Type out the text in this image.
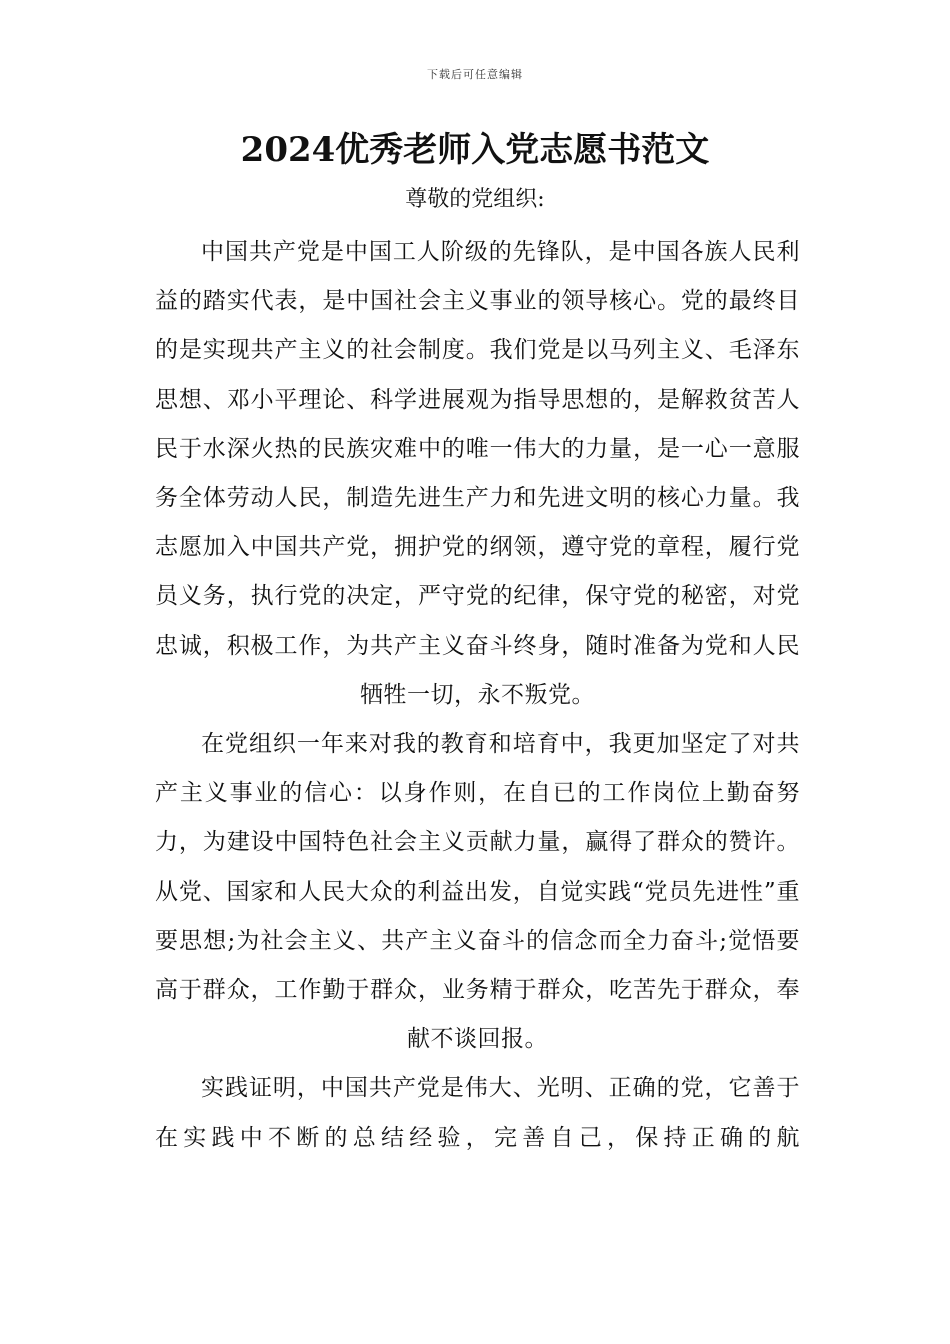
下载后可任意编辑
2024优秀老师入党志愿书范文
尊敬的党组织:

中国共产党是中国工人阶级的先锋队，是中国各族人民利益的踏实代表，是中国社会主义事业的领导核心。党的最终目的是实现共产主义的社会制度。我们党是以马列主义、毛泽东思想、邓小平理论、科学进展观为指导思想的，是解救贫苦人民于水深火热的民族灾难中的唯一伟大的力量，是一心一意服务全体劳动人民，制造先进生产力和先进文明的核心力量。我志愿加入中国共产党，拥护党的纲领，遵守党的章程，履行党员义务，执行党的决定，严守党的纪律，保守党的秘密，对党忠诚，积极工作，为共产主义奋斗终身，随时准备为党和人民牺牲一切，永不叛党。

在党组织一年来对我的教育和培育中，我更加坚定了对共产主义事业的信心：以身作则，在自已的工作岗位上勤奋努力，为建设中国特色社会主义贡献力量，赢得了群众的赞许。从党、国家和人民大众的利益出发，自觉实践“党员先进性”重要思想;为社会主义、共产主义奋斗的信念而全力奋斗;觉悟要高于群众，工作勤于群众，业务精于群众，吃苦先于群众，奉献不谈回报。

实践证明，中国共产党是伟大、光明、正确的党，它善于在实践中不断的总结经验，完善自己，保持正确的航
